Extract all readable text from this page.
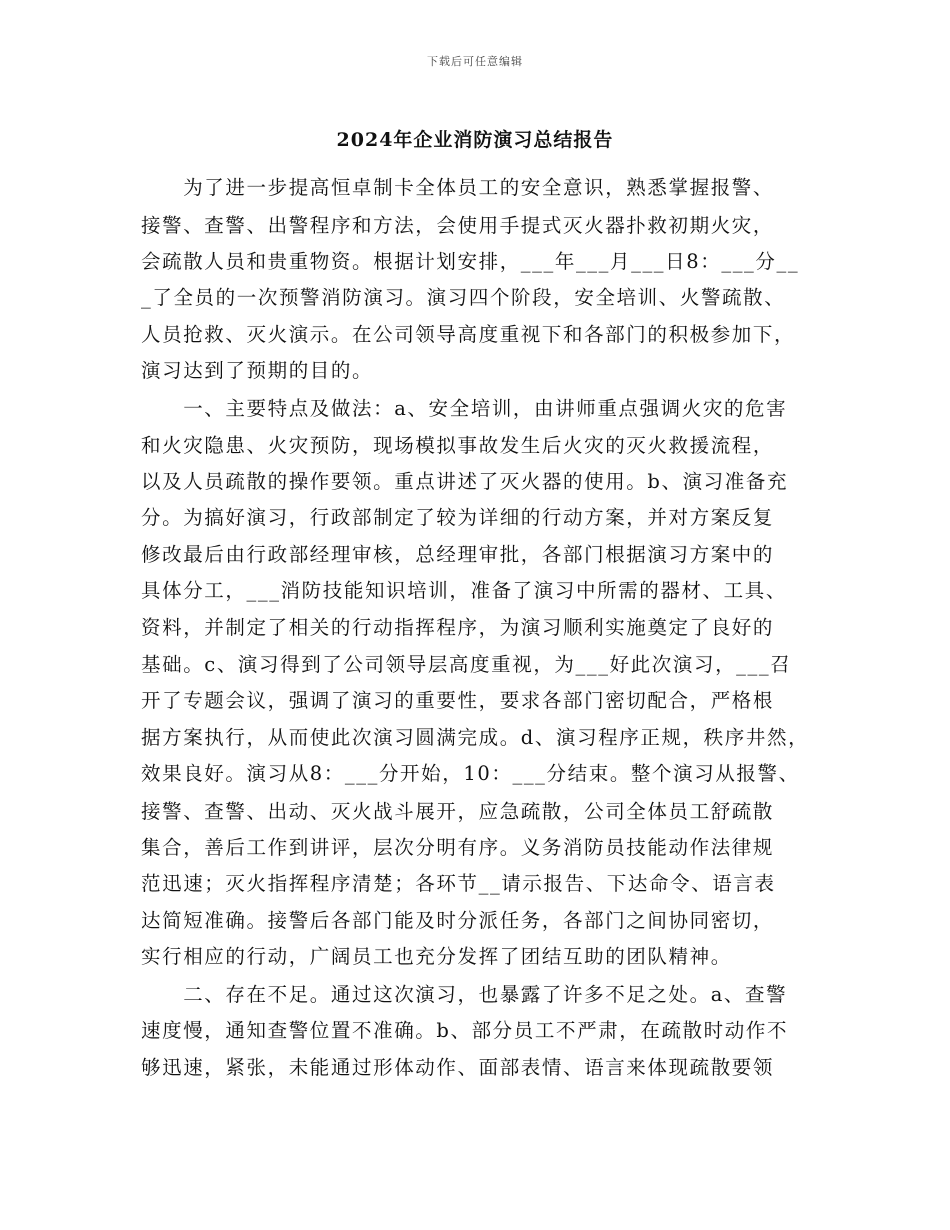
下载后可任意编辑
2024年企业消防演习总结报告
　　为了进一步提高恒卓制卡全体员工的安全意识，熟悉掌握报警、
接警、查警、出警程序和方法，会使用手提式灭火器扑救初期火灾，
会疏散人员和贵重物资。根据计划安排，___年___月___日8：___分__
_了全员的一次预警消防演习。演习四个阶段，安全培训、火警疏散、
人员抢救、灭火演示。在公司领导高度重视下和各部门的积极参加下，
演习达到了预期的目的。
　　一、主要特点及做法：a、安全培训，由讲师重点强调火灾的危害
和火灾隐患、火灾预防，现场模拟事故发生后火灾的灭火救援流程，
以及人员疏散的操作要领。重点讲述了灭火器的使用。b、演习准备充
分。为搞好演习，行政部制定了较为详细的行动方案，并对方案反复
修改最后由行政部经理审核，总经理审批，各部门根据演习方案中的
具体分工，___消防技能知识培训，准备了演习中所需的器材、工具、
资料，并制定了相关的行动指挥程序，为演习顺利实施奠定了良好的
基础。c、演习得到了公司领导层高度重视，为___好此次演习，___召
开了专题会议，强调了演习的重要性，要求各部门密切配合，严格根
据方案执行，从而使此次演习圆满完成。d、演习程序正规，秩序井然，
效果良好。演习从8：___分开始，10：___分结束。整个演习从报警、
接警、查警、出动、灭火战斗展开，应急疏散，公司全体员工舒疏散
集合，善后工作到讲评，层次分明有序。义务消防员技能动作法律规
范迅速；灭火指挥程序清楚；各环节__请示报告、下达命令、语言表
达简短准确。接警后各部门能及时分派任务，各部门之间协同密切，
实行相应的行动，广阔员工也充分发挥了团结互助的团队精神。
　　二、存在不足。通过这次演习，也暴露了许多不足之处。a、查警
速度慢，通知查警位置不准确。b、部分员工不严肃，在疏散时动作不
够迅速，紧张，未能通过形体动作、面部表情、语言来体现疏散要领
